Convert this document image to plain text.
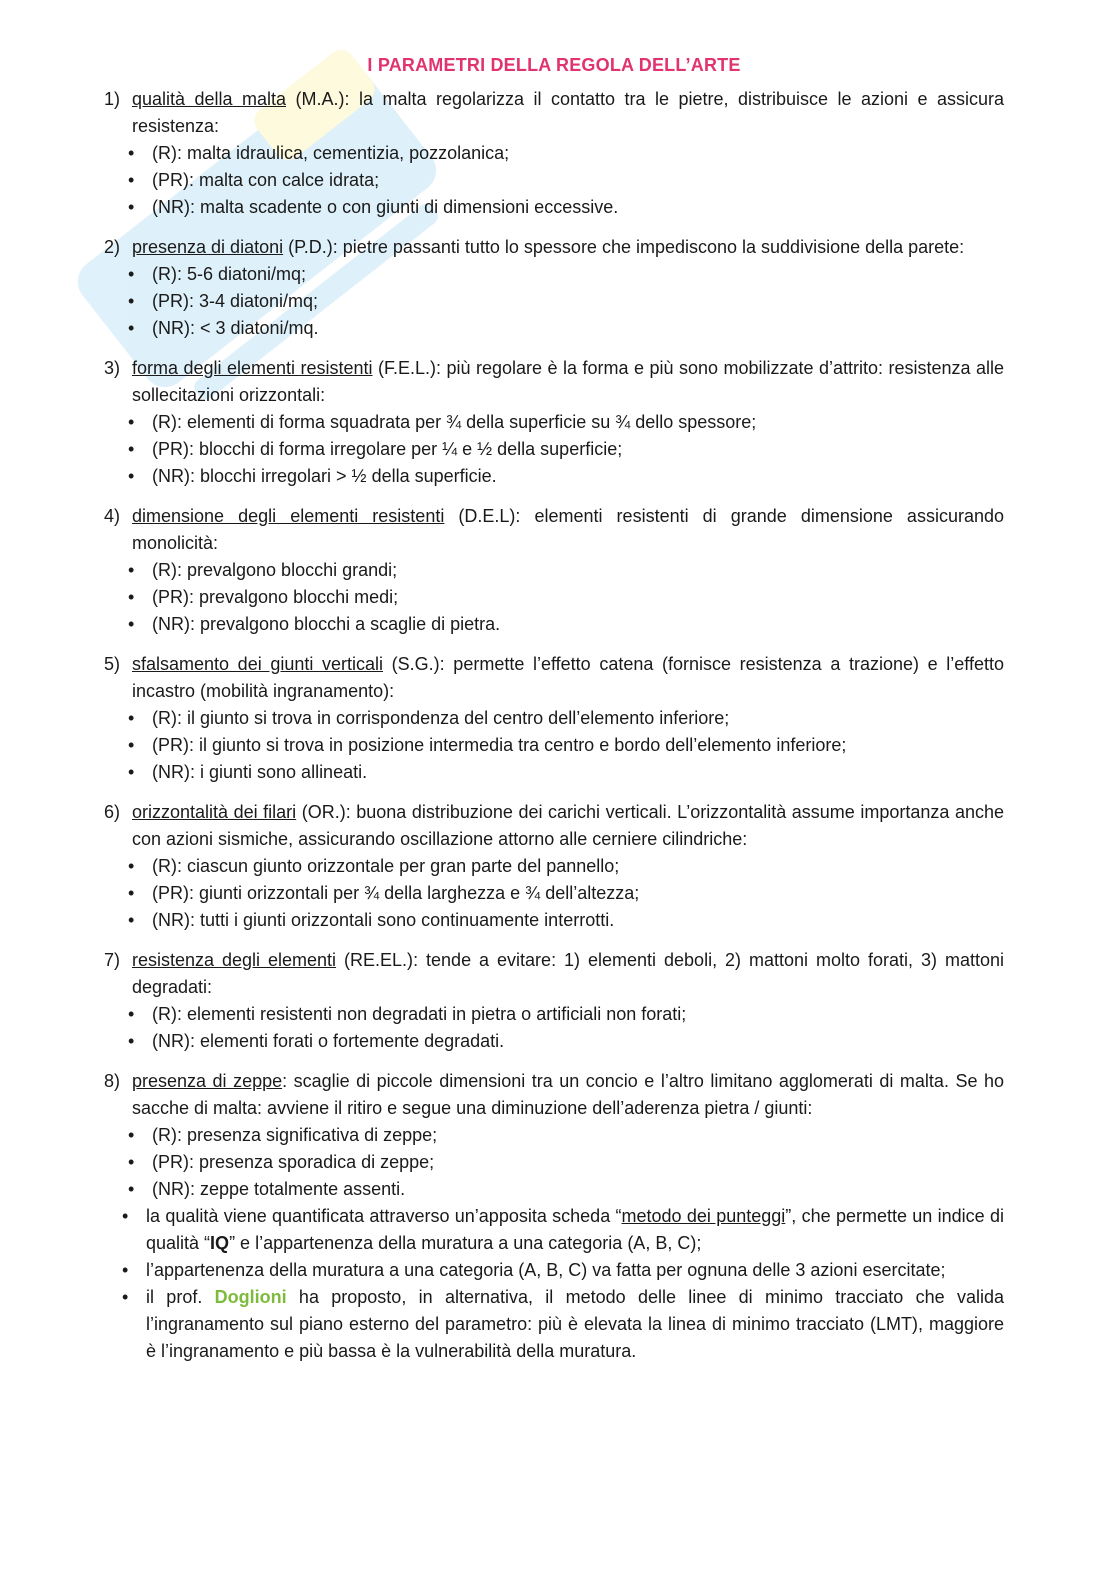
I PARAMETRI DELLA REGOLA DELL’ARTE

1) qualità della malta (M.A.): la malta regolarizza il contatto tra le pietre, distribuisce le azioni e assicura resistenza:

• (R): malta idraulica, cementizia, pozzolanica;
• (PR): malta con calce idrata;
• (NR): malta scadente o con giunti di dimensioni eccessive.

2) presenza di diatoni (P.D.): pietre passanti tutto lo spessore che impediscono la suddivisione della parete:

• (R): 5-6 diatoni/mq;
• (PR): 3-4 diatoni/mq;
• (NR): < 3 diatoni/mq.

3) forma degli elementi resistenti (F.E.L.): più regolare è la forma e più sono mobilizzate d’attrito: resistenza alle sollecitazioni orizzontali:

• (R): elementi di forma squadrata per ¾ della superficie su ¾ dello spessore;
• (PR): blocchi di forma irregolare per ¼ e ½ della superficie;
• (NR): blocchi irregolari > ½ della superficie.

4) dimensione degli elementi resistenti (D.E.L): elementi resistenti di grande dimensione assicurando monolicità:

• (R): prevalgono blocchi grandi;
• (PR): prevalgono blocchi medi;
• (NR): prevalgono blocchi a scaglie di pietra.

5) sfalsamento dei giunti verticali (S.G.): permette l’effetto catena (fornisce resistenza a trazione) e l’effetto incastro (mobilità ingranamento):

• (R): il giunto si trova in corrispondenza del centro dell’elemento inferiore;
• (PR): il giunto si trova in posizione intermedia tra centro e bordo dell’elemento inferiore;
• (NR): i giunti sono allineati.

6) orizzontalità dei filari (OR.): buona distribuzione dei carichi verticali. L’orizzontalità assume importanza anche con azioni sismiche, assicurando oscillazione attorno alle cerniere cilindriche:

• (R): ciascun giunto orizzontale per gran parte del pannello;
• (PR): giunti orizzontali per ¾ della larghezza e ¾ dell’altezza;
• (NR): tutti i giunti orizzontali sono continuamente interrotti.

7) resistenza degli elementi (RE.EL.): tende a evitare: 1) elementi deboli, 2) mattoni molto forati, 3) mattoni degradati:

• (R): elementi resistenti non degradati in pietra o artificiali non forati;
• (NR): elementi forati o fortemente degradati.

8) presenza di zeppe: scaglie di piccole dimensioni tra un concio e l’altro limitano agglomerati di malta. Se ho sacche di malta: avviene il ritiro e segue una diminuzione dell’aderenza pietra / giunti:

• (R): presenza significativa di zeppe;
• (PR): presenza sporadica di zeppe;
• (NR): zeppe totalmente assenti.
• la qualità viene quantificata attraverso un’apposita scheda “metodo dei punteggi”, che permette un indice di qualità “IQ” e l’appartenenza della muratura a una categoria (A, B, C);
• l’appartenenza della muratura a una categoria (A, B, C) va fatta per ognuna delle 3 azioni esercitate;
• il prof. Doglioni ha proposto, in alternativa, il metodo delle linee di minimo tracciato che valida l’ingranamento sul piano esterno del parametro: più è elevata la linea di minimo tracciato (LMT), maggiore è l’ingranamento e più bassa è la vulnerabilità della muratura.
